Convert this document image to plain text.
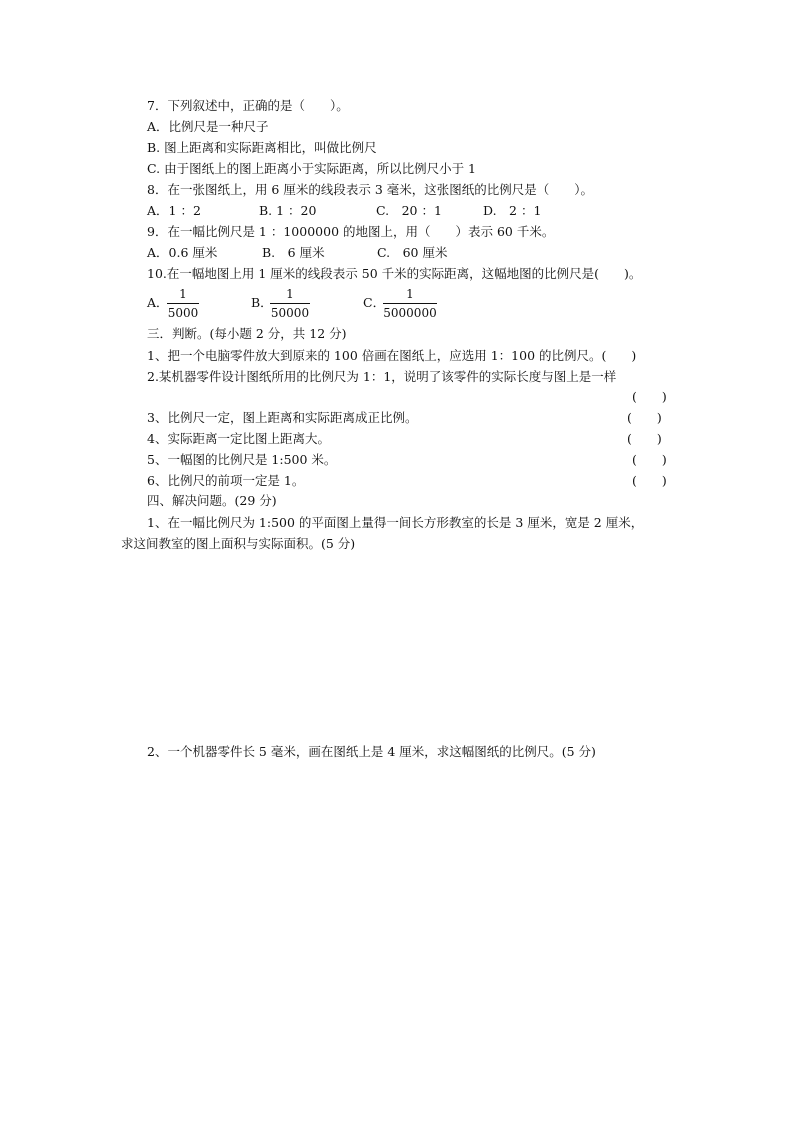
7．下列叙述中，正确的是（　　）。
A．比例尺是一种尺子
B. 图上距离和实际距离相比，叫做比例尺
C. 由于图纸上的图上距离小于实际距离，所以比例尺小于 1
8．在一张图纸上，用 6 厘米的线段表示 3 毫米，这张图纸的比例尺是（　　）。
A．1 ：2	B. 1 ：20	C.　20 ：1	D.　2 ：1
9．在一幅比例尺是 1 ：1000000 的地图上，用（　　）表示 60 千米。
A．0.6 厘米	B.　6 厘米	C.　60 厘米
10.在一幅地图上用 1 厘米的线段表示 50 千米的实际距离，这幅地图的比例尺是(　　)。
A．
$\frac{1}{5000}$	B．
$\frac{1}{50000}$	C．
$\frac{1}{5000000}$
三．判断。(每小题 2 分，共 12 分)
1、把一个电脑零件放大到原来的 100 倍画在图纸上，应选用 1：100 的比例尺。(　　)
2.某机器零件设计图纸所用的比例尺为 1：1，说明了该零件的实际长度与图上是一样
(　　)
3、比例尺一定，图上距离和实际距离成正比例。	(　　)
4、实际距离一定比图上距离大。	(　　)
5、一幅图的比例尺是 1:500 米。	(　　)
6、比例尺的前项一定是 1。	(　　)
四、解决问题。(29 分)
1、在一幅比例尺为 1:500 的平面图上量得一间长方形教室的长是 3 厘米，宽是 2 厘米，
求这间教室的图上面积与实际面积。(5 分)
2、一个机器零件长 5 毫米，画在图纸上是 4 厘米，求这幅图纸的比例尺。(5 分)
